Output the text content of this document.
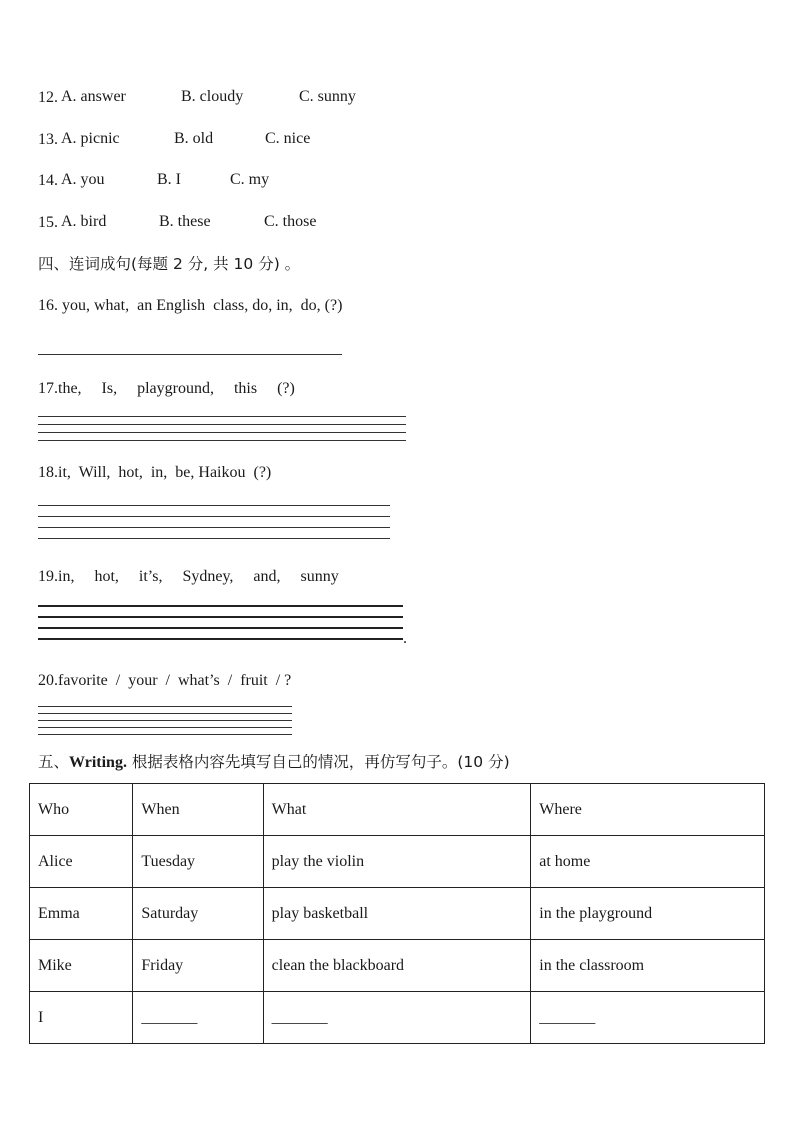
12. A. answer	B. cloudy	C. sunny
13. A. picnic	B. old	C. nice
14. A. you	B. I	C. my
15. A. bird	B. these	C. those
四、连词成句(每题 2 分, 共 10 分) 。
16. you, what,  an English  class, do, in,  do, (?)
17.the,     Is,     playground,     this     (?)
18.it,  Will,  hot,  in,  be, Haikou  (?)
19.in,     hot,     it’s,     Sydney,     and,     sunny
.
20.favorite  /  your  /  what’s  /  fruit  / ?
五、Writing. 根据表格内容先填写自己的情况，再仿写句子。(10 分)
Who	When	What	Where
Alice	Tuesday	play the violin	at home
Emma	Saturday	play basketball	in the playground
Mike	Friday	clean the blackboard	in the classroom
I	_______	_______	_______
